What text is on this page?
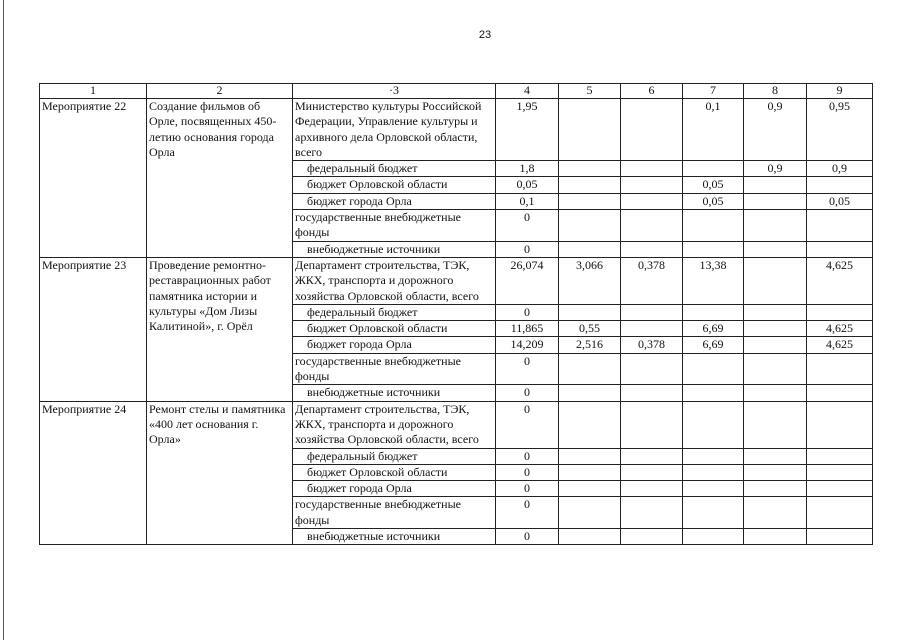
23
1	2	·3	4	5	6	7	8	9
Мероприятие 22	Создание фильмов об Орле, посвященных 450-летию основания города Орла	Министерство культуры Российской Федерации, Управление культуры и архивного дела Орловской области, всего	1,95			0,1	0,9	0,95
		федеральный бюджет	1,8				0,9	0,9
		бюджет Орловской области	0,05			0,05		
		бюджет города Орла	0,1			0,05		0,05
		государственные внебюджетные фонды	0					
		внебюджетные источники	0					
Мероприятие 23	Проведение ремонтно-реставрационных работ памятника истории и культуры «Дом Лизы Калитиной», г. Орёл	Департамент строительства, ТЭК, ЖКХ, транспорта и дорожного хозяйства Орловской области, всего	26,074	3,066	0,378	13,38		4,625
		федеральный бюджет	0					
		бюджет Орловской области	11,865	0,55		6,69		4,625
		бюджет города Орла	14,209	2,516	0,378	6,69		4,625
		государственные внебюджетные фонды	0					
		внебюджетные источники	0					
Мероприятие 24	Ремонт стелы и памятника «400 лет основания г. Орла»	Департамент строительства, ТЭК, ЖКХ, транспорта и дорожного хозяйства Орловской области, всего	0					
		федеральный бюджет	0					
		бюджет Орловской области	0					
		бюджет города Орла	0					
		государственные внебюджетные фонды	0					
		внебюджетные источники	0					
